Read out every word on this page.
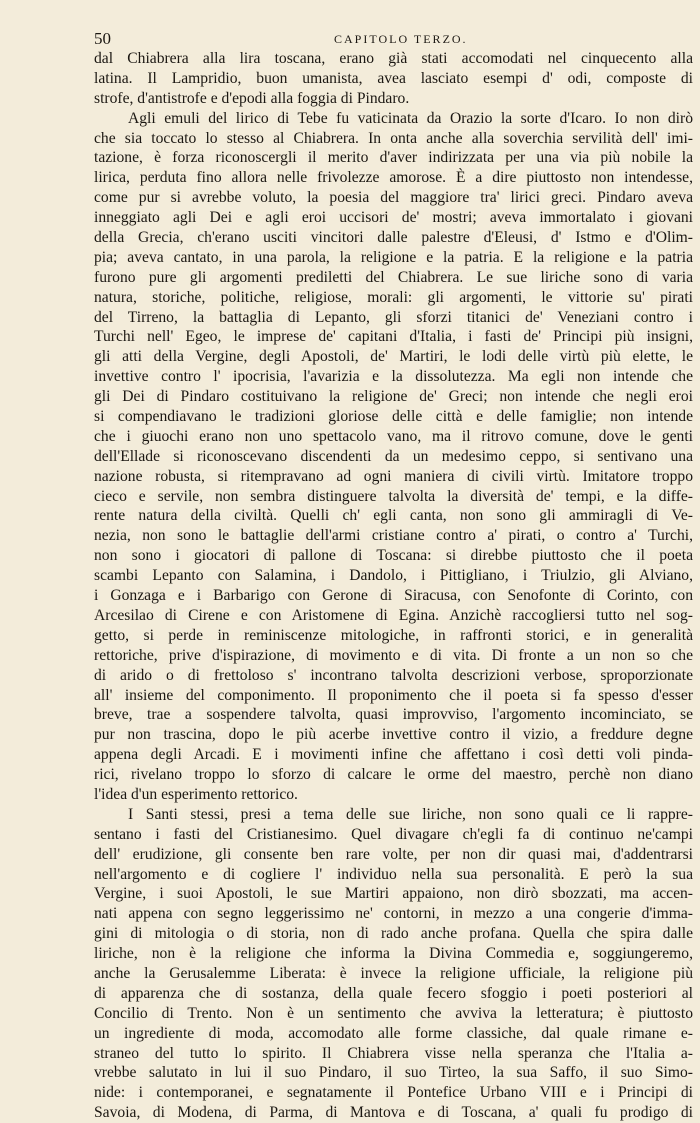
50	CAPITOLO TERZO.
dal Chiabrera alla lira toscana, erano già stati accomodati nel cinquecento alla
latina. Il Lampridio, buon umanista, avea lasciato esempi d' odi, composte di
strofe, d'antistrofe e d'epodi alla foggia di Pindaro.
Agli emuli del lirico di Tebe fu vaticinata da Orazio la sorte d'Icaro. Io non dirò
che sia toccato lo stesso al Chiabrera. In onta anche alla soverchia servilità dell' imi-
tazione, è forza riconoscergli il merito d'aver indirizzata per una via più nobile la
lirica, perduta fino allora nelle frivolezze amorose. È a dire piuttosto non intendesse,
come pur si avrebbe voluto, la poesia del maggiore tra' lirici greci. Pindaro aveva
inneggiato agli Dei e agli eroi uccisori de' mostri; aveva immortalato i giovani
della Grecia, ch'erano usciti vincitori dalle palestre d'Eleusi, d' Istmo e d'Olim-
pia; aveva cantato, in una parola, la religione e la patria. E la religione e la patria
furono pure gli argomenti prediletti del Chiabrera. Le sue liriche sono di varia
natura, storiche, politiche, religiose, morali: gli argomenti, le vittorie su' pirati
del Tirreno, la battaglia di Lepanto, gli sforzi titanici de' Veneziani contro i
Turchi nell' Egeo, le imprese de' capitani d'Italia, i fasti de' Principi più insigni,
gli atti della Vergine, degli Apostoli, de' Martiri, le lodi delle virtù più elette, le
invettive contro l' ipocrisia, l'avarizia e la dissolutezza. Ma egli non intende che
gli Dei di Pindaro costituivano la religione de' Greci; non intende che negli eroi
si compendiavano le tradizioni gloriose delle città e delle famiglie; non intende
che i giuochi erano non uno spettacolo vano, ma il ritrovo comune, dove le genti
dell'Ellade si riconoscevano discendenti da un medesimo ceppo, si sentivano una
nazione robusta, si ritempravano ad ogni maniera di civili virtù. Imitatore troppo
cieco e servile, non sembra distinguere talvolta la diversità de' tempi, e la diffe-
rente natura della civiltà. Quelli ch' egli canta, non sono gli ammiragli di Ve-
nezia, non sono le battaglie dell'armi cristiane contro a' pirati, o contro a' Turchi,
non sono i giocatori di pallone di Toscana: si direbbe piuttosto che il poeta
scambi Lepanto con Salamina, i Dandolo, i Pittigliano, i Triulzio, gli Alviano,
i Gonzaga e i Barbarigo con Gerone di Siracusa, con Senofonte di Corinto, con
Arcesilao di Cirene e con Aristomene di Egina. Anzichè raccogliersi tutto nel sog-
getto, si perde in reminiscenze mitologiche, in raffronti storici, e in generalità
rettoriche, prive d'ispirazione, di movimento e di vita. Di fronte a un non so che
di arido o di frettoloso s' incontrano talvolta descrizioni verbose, sproporzionate
all' insieme del componimento. Il proponimento che il poeta si fa spesso d'esser
breve, trae a sospendere talvolta, quasi improvviso, l'argomento incominciato, se
pur non trascina, dopo le più acerbe invettive contro il vizio, a freddure degne
appena degli Arcadi. E i movimenti infine che affettano i così detti voli pinda-
rici, rivelano troppo lo sforzo di calcare le orme del maestro, perchè non diano
l'idea d'un esperimento rettorico.
I Santi stessi, presi a tema delle sue liriche, non sono quali ce li rappre-
sentano i fasti del Cristianesimo. Quel divagare ch'egli fa di continuo ne'campi
dell' erudizione, gli consente ben rare volte, per non dir quasi mai, d'addentrarsi
nell'argomento e di cogliere l' individuo nella sua personalità. E però la sua
Vergine, i suoi Apostoli, le sue Martiri appaiono, non dirò sbozzati, ma accen-
nati appena con segno leggerissimo ne' contorni, in mezzo a una congerie d'imma-
gini di mitologia o di storia, non di rado anche profana. Quella che spira dalle
liriche, non è la religione che informa la Divina Commedia e, soggiungeremo,
anche la Gerusalemme Liberata: è invece la religione ufficiale, la religione più
di apparenza che di sostanza, della quale fecero sfoggio i poeti posteriori al
Concilio di Trento. Non è un sentimento che avviva la letteratura; è piuttosto
un ingrediente di moda, accomodato alle forme classiche, dal quale rimane e-
straneo del tutto lo spirito. Il Chiabrera visse nella speranza che l'Italia a-
vrebbe salutato in lui il suo Pindaro, il suo Tirteo, la sua Saffo, il suo Simo-
nide: i contemporanei, e segnatamente il Pontefice Urbano VIII e i Principi di
Savoia, di Modena, di Parma, di Mantova e di Toscana, a' quali fu prodigo di
